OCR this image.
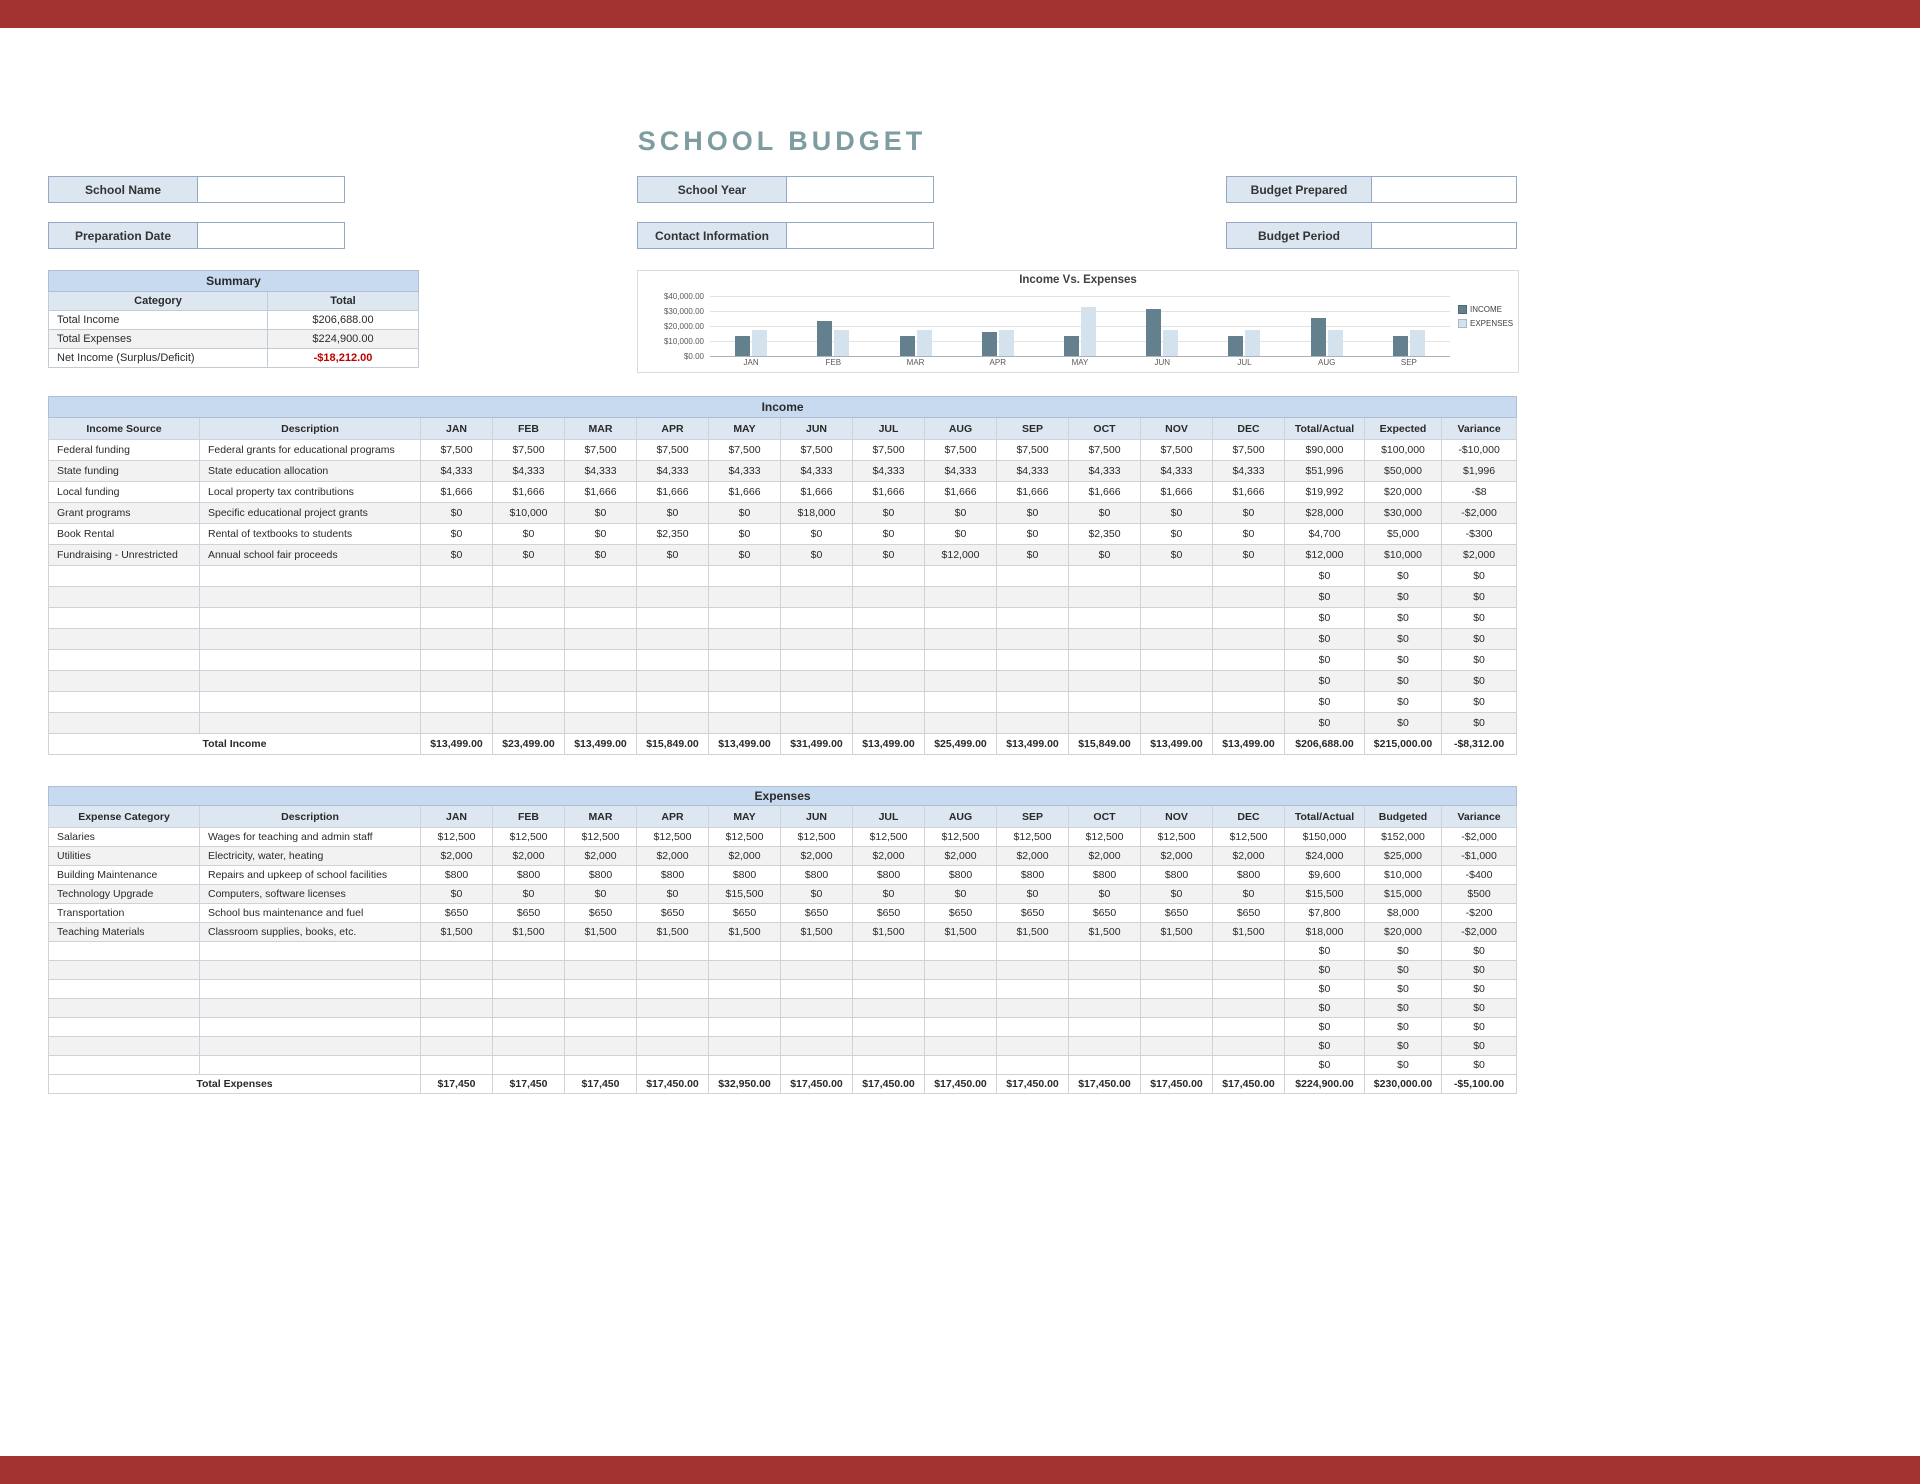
SCHOOL BUDGET
School Name
Preparation Date
School Year
Contact Information
Budget Prepared
Budget Period
Summary	
Category	Total
Total Income	$206,688.00
Total Expenses	$224,900.00
Net Income (Surplus/Deficit)	-$18,212.00
Income Vs. Expenses
$40,000.00
$30,000.00
$20,000.00
$10,000.00
$0.00
JAN	FEB	MAR	APR	MAY	JUN	JUL	AUG	SEP
INCOME
EXPENSES
Income																
Income Source	Description	JAN	FEB	MAR	APR	MAY	JUN	JUL	AUG	SEP	OCT	NOV	DEC	Total/Actual	Expected	Variance
Federal funding	Federal grants for educational programs	$7,500	$7,500	$7,500	$7,500	$7,500	$7,500	$7,500	$7,500	$7,500	$7,500	$7,500	$7,500	$90,000	$100,000	-$10,000
State funding	State education allocation	$4,333	$4,333	$4,333	$4,333	$4,333	$4,333	$4,333	$4,333	$4,333	$4,333	$4,333	$4,333	$51,996	$50,000	$1,996
Local funding	Local property tax contributions	$1,666	$1,666	$1,666	$1,666	$1,666	$1,666	$1,666	$1,666	$1,666	$1,666	$1,666	$1,666	$19,992	$20,000	-$8
Grant programs	Specific educational project grants	$0	$10,000	$0	$0	$0	$18,000	$0	$0	$0	$0	$0	$0	$28,000	$30,000	-$2,000
Book Rental	Rental of textbooks to students	$0	$0	$0	$2,350	$0	$0	$0	$0	$0	$2,350	$0	$0	$4,700	$5,000	-$300
Fundraising - Unrestricted	Annual school fair proceeds	$0	$0	$0	$0	$0	$0	$0	$12,000	$0	$0	$0	$0	$12,000	$10,000	$2,000
														$0	$0	$0
														$0	$0	$0
														$0	$0	$0
														$0	$0	$0
														$0	$0	$0
														$0	$0	$0
														$0	$0	$0
														$0	$0	$0
Total Income		$13,499.00	$23,499.00	$13,499.00	$15,849.00	$13,499.00	$31,499.00	$13,499.00	$25,499.00	$13,499.00	$15,849.00	$13,499.00	$13,499.00	$206,688.00	$215,000.00	-$8,312.00
Expenses																
Expense Category	Description	JAN	FEB	MAR	APR	MAY	JUN	JUL	AUG	SEP	OCT	NOV	DEC	Total/Actual	Budgeted	Variance
Salaries	Wages for teaching and admin staff	$12,500	$12,500	$12,500	$12,500	$12,500	$12,500	$12,500	$12,500	$12,500	$12,500	$12,500	$12,500	$150,000	$152,000	-$2,000
Utilities	Electricity, water, heating	$2,000	$2,000	$2,000	$2,000	$2,000	$2,000	$2,000	$2,000	$2,000	$2,000	$2,000	$2,000	$24,000	$25,000	-$1,000
Building Maintenance	Repairs and upkeep of school facilities	$800	$800	$800	$800	$800	$800	$800	$800	$800	$800	$800	$800	$9,600	$10,000	-$400
Technology Upgrade	Computers, software licenses	$0	$0	$0	$0	$15,500	$0	$0	$0	$0	$0	$0	$0	$15,500	$15,000	$500
Transportation	School bus maintenance and fuel	$650	$650	$650	$650	$650	$650	$650	$650	$650	$650	$650	$650	$7,800	$8,000	-$200
Teaching Materials	Classroom supplies, books, etc.	$1,500	$1,500	$1,500	$1,500	$1,500	$1,500	$1,500	$1,500	$1,500	$1,500	$1,500	$1,500	$18,000	$20,000	-$2,000
														$0	$0	$0
														$0	$0	$0
														$0	$0	$0
														$0	$0	$0
														$0	$0	$0
														$0	$0	$0
														$0	$0	$0
Total Expenses		$17,450	$17,450	$17,450	$17,450.00	$32,950.00	$17,450.00	$17,450.00	$17,450.00	$17,450.00	$17,450.00	$17,450.00	$17,450.00	$224,900.00	$230,000.00	-$5,100.00
